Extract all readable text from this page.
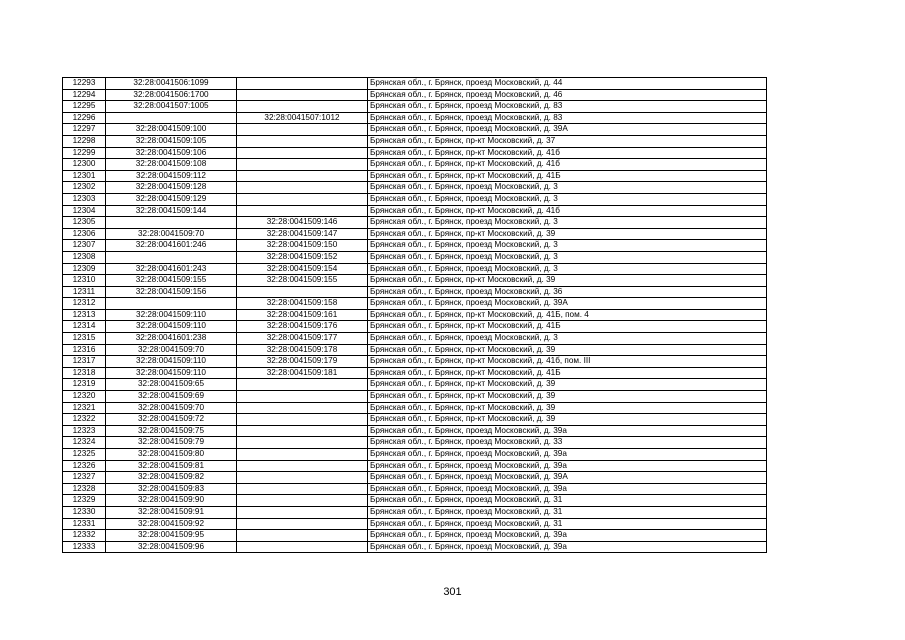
12293	32:28:0041506:1099		Брянская обл., г. Брянск, проезд Московский, д. 44
12294	32:28:0041506:1700		Брянская обл., г. Брянск, проезд Московский, д. 46
12295	32:28:0041507:1005		Брянская обл., г. Брянск, проезд Московский, д. 83
12296		32:28:0041507:1012	Брянская обл., г. Брянск, проезд Московский, д. 83
12297	32:28:0041509:100		Брянская обл., г. Брянск, проезд Московский, д. 39А
12298	32:28:0041509:105		Брянская обл., г. Брянск, пр-кт Московский, д. 37
12299	32:28:0041509:106		Брянская обл., г. Брянск, пр-кт Московский, д. 41б
12300	32:28:0041509:108		Брянская обл., г. Брянск, пр-кт Московский, д. 41б
12301	32:28:0041509:112		Брянская обл., г. Брянск, пр-кт Московский, д. 41Б
12302	32:28:0041509:128		Брянская обл., г. Брянск, проезд Московский, д. 3
12303	32:28:0041509:129		Брянская обл., г. Брянск, проезд Московский, д. 3
12304	32:28:0041509:144		Брянская обл., г. Брянск, пр-кт Московский, д. 41б
12305		32:28:0041509:146	Брянская обл., г. Брянск, проезд Московский, д. 3
12306	32:28:0041509:70	32:28:0041509:147	Брянская обл., г. Брянск, пр-кт Московский, д. 39
12307	32:28:0041601:246	32:28:0041509:150	Брянская обл., г. Брянск, проезд Московский, д. 3
12308		32:28:0041509:152	Брянская обл., г. Брянск, проезд Московский, д. 3
12309	32:28:0041601:243	32:28:0041509:154	Брянская обл., г. Брянск, проезд Московский, д. 3
12310	32:28:0041509:155	32:28:0041509:155	Брянская обл., г. Брянск, пр-кт Московский, д. 39
12311	32:28:0041509:156		Брянская обл., г. Брянск, проезд Московский, д. 36
12312		32:28:0041509:158	Брянская обл., г. Брянск, проезд Московский, д. 39А
12313	32:28:0041509:110	32:28:0041509:161	Брянская обл., г. Брянск, пр-кт Московский, д. 41Б, пом. 4
12314	32:28:0041509:110	32:28:0041509:176	Брянская обл., г. Брянск, пр-кт Московский, д. 41Б
12315	32:28:0041601:238	32:28:0041509:177	Брянская обл., г. Брянск, проезд Московский, д. 3
12316	32:28:0041509:70	32:28:0041509:178	Брянская обл., г. Брянск, пр-кт Московский, д. 39
12317	32:28:0041509:110	32:28:0041509:179	Брянская обл., г. Брянск, пр-кт Московский, д. 41б, пом. III
12318	32:28:0041509:110	32:28:0041509:181	Брянская обл., г. Брянск, пр-кт Московский, д. 41Б
12319	32:28:0041509:65		Брянская обл., г. Брянск, пр-кт Московский, д. 39
12320	32:28:0041509:69		Брянская обл., г. Брянск, пр-кт Московский, д. 39
12321	32:28:0041509:70		Брянская обл., г. Брянск, пр-кт Московский, д. 39
12322	32:28:0041509:72		Брянская обл., г. Брянск, пр-кт Московский, д. 39
12323	32:28:0041509:75		Брянская обл., г. Брянск, проезд Московский, д. 39а
12324	32:28:0041509:79		Брянская обл., г. Брянск, проезд Московский, д. 33
12325	32:28:0041509:80		Брянская обл., г. Брянск, проезд Московский, д. 39а
12326	32:28:0041509:81		Брянская обл., г. Брянск, проезд Московский, д. 39а
12327	32:28:0041509:82		Брянская обл., г. Брянск, проезд Московский, д. 39А
12328	32:28:0041509:83		Брянская обл., г. Брянск, проезд Московский, д. 39а
12329	32:28:0041509:90		Брянская обл., г. Брянск, проезд Московский, д. 31
12330	32:28:0041509:91		Брянская обл., г. Брянск, проезд Московский, д. 31
12331	32:28:0041509:92		Брянская обл., г. Брянск, проезд Московский, д. 31
12332	32:28:0041509:95		Брянская обл., г. Брянск, проезд Московский, д. 39а
12333	32:28:0041509:96		Брянская обл., г. Брянск, проезд Московский, д. 39а
301
